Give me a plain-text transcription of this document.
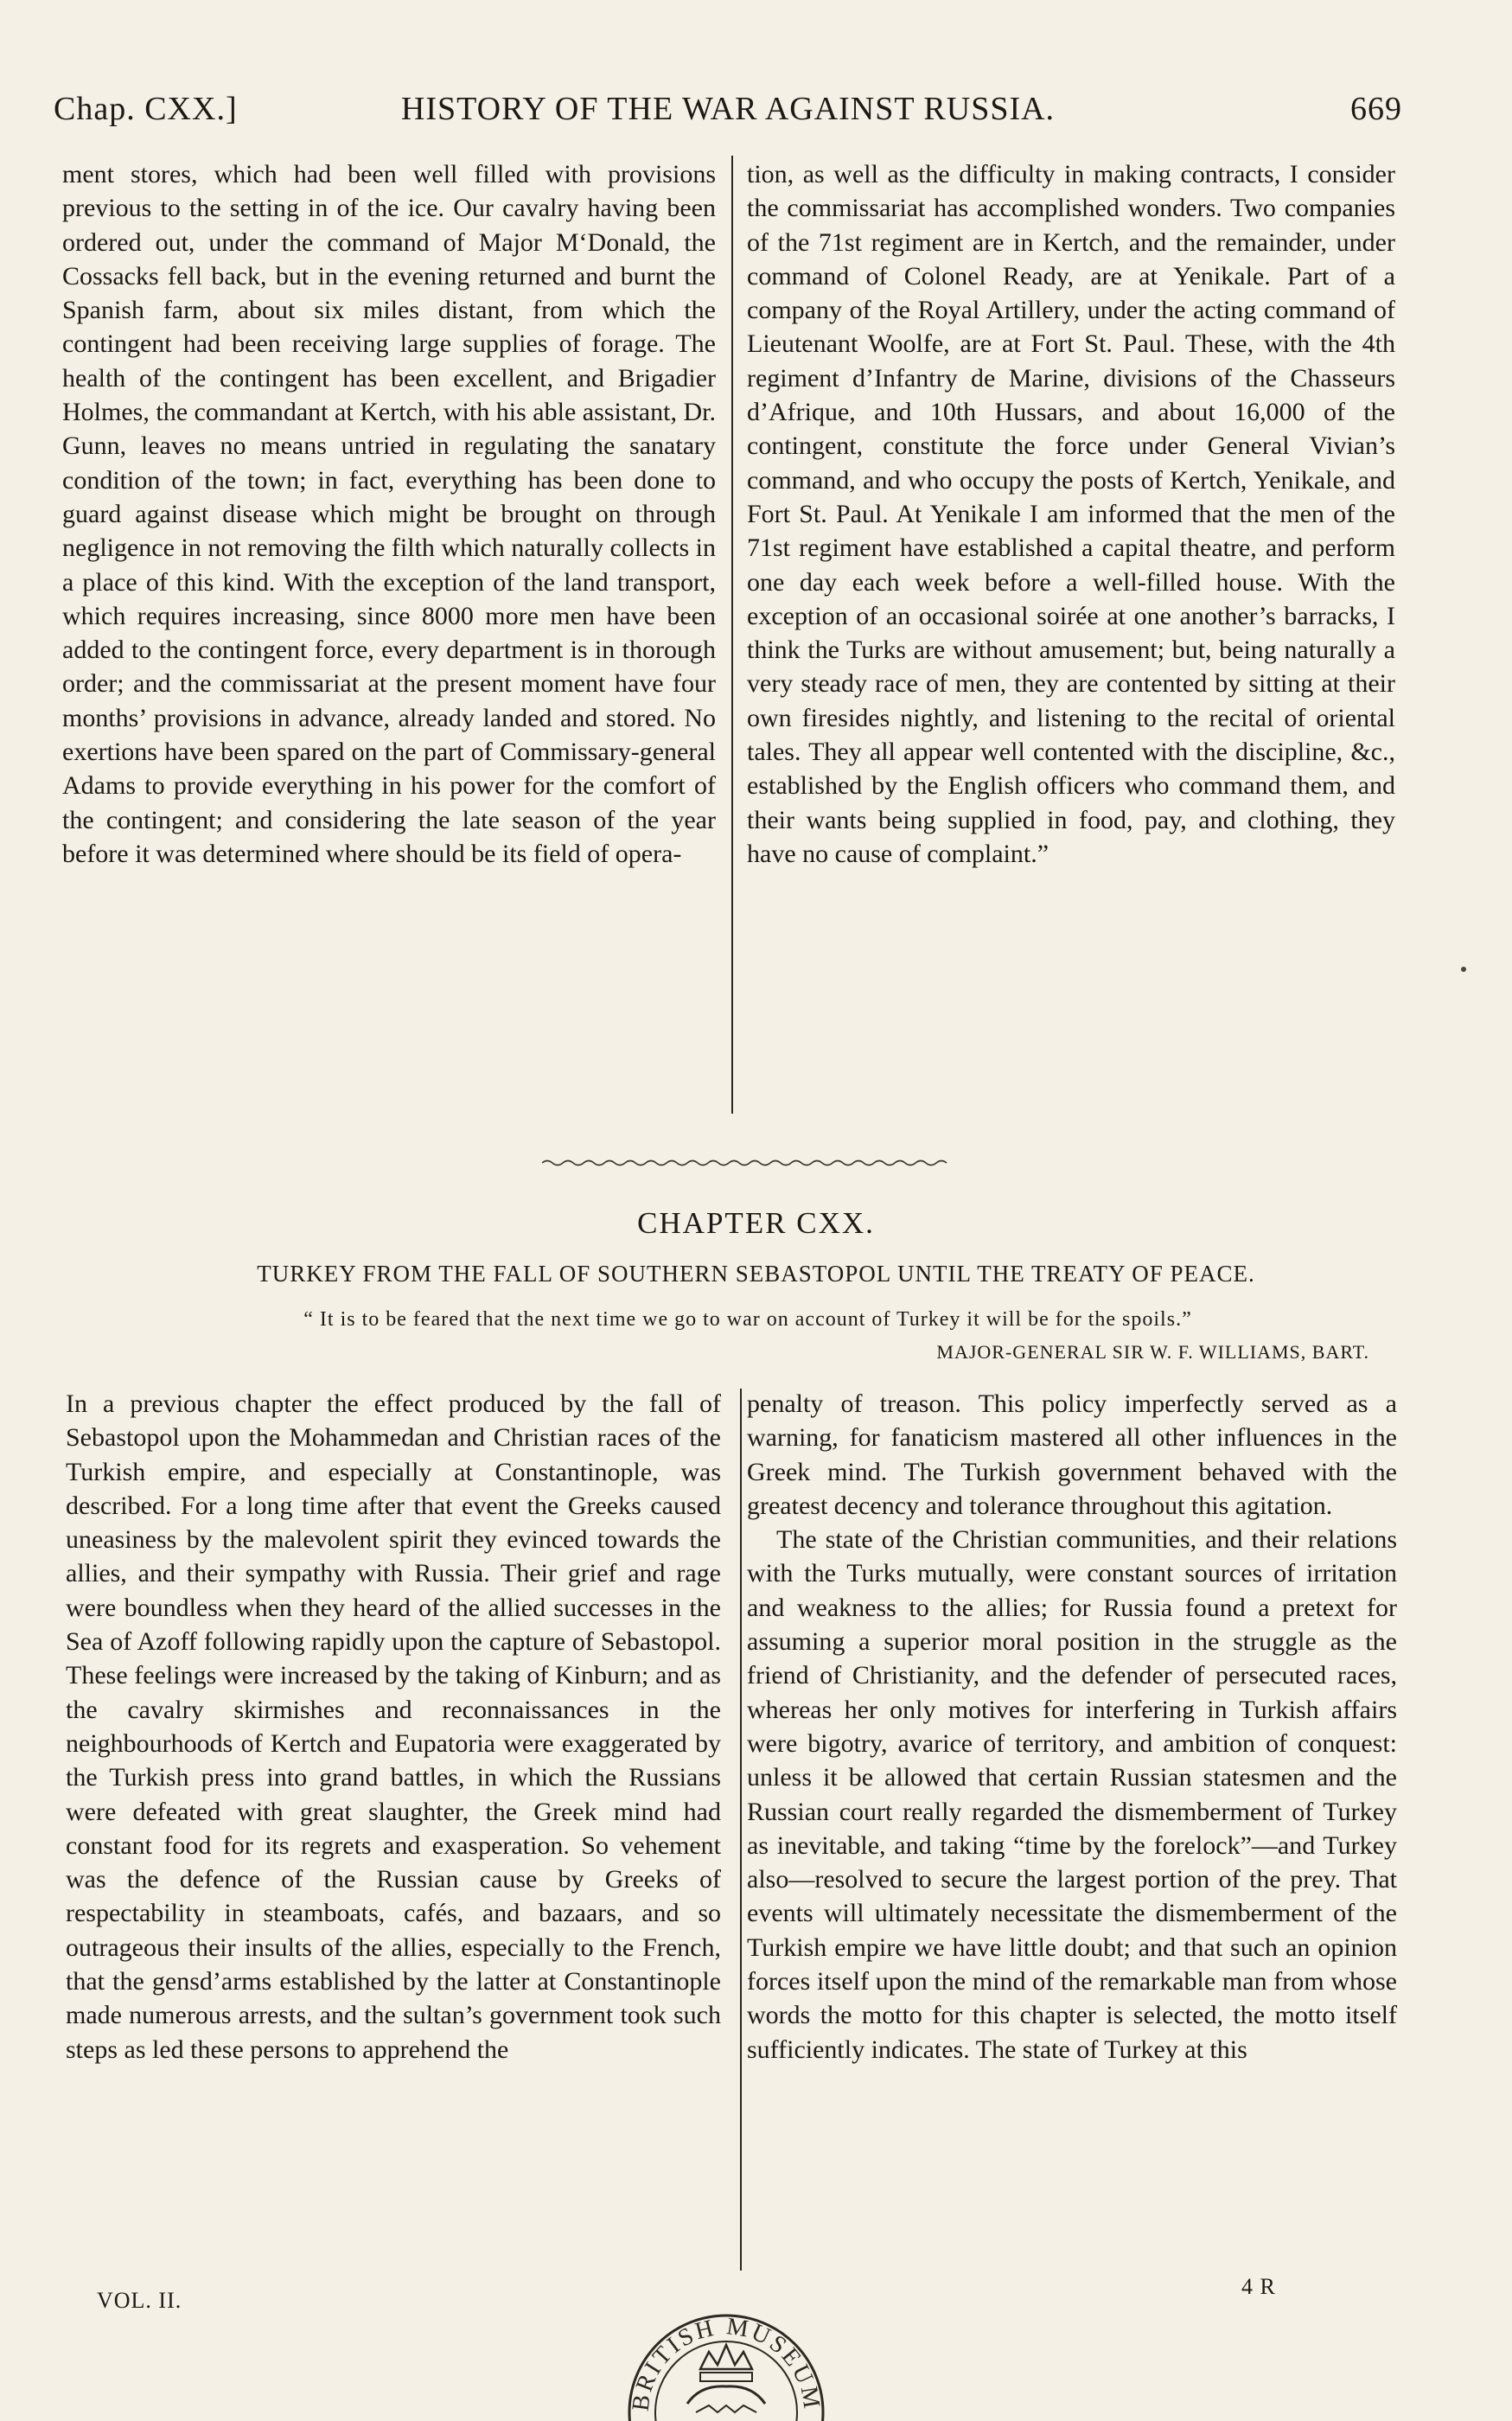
Chap. CXX.]	HISTORY OF THE WAR AGAINST RUSSIA.	669

ment stores, which had been well filled with provisions previous to the setting in of the ice. Our cavalry having been ordered out, under the command of Major M‘Donald, the Cossacks fell back, but in the evening returned and burnt the Spanish farm, about six miles distant, from which the contingent had been receiving large supplies of forage. The health of the contingent has been excellent, and Brigadier Holmes, the commandant at Kertch, with his able assistant, Dr. Gunn, leaves no means untried in regulating the sanatary condition of the town; in fact, everything has been done to guard against disease which might be brought on through negligence in not removing the filth which naturally collects in a place of this kind. With the exception of the land transport, which requires increasing, since 8000 more men have been added to the contingent force, every department is in thorough order; and the commissariat at the present moment have four months’ provisions in advance, already landed and stored. No exertions have been spared on the part of Commissary-general Adams to provide everything in his power for the comfort of the contingent; and considering the late season of the year before it was determined where should be its field of opera-

tion, as well as the difficulty in making contracts, I consider the commissariat has accomplished wonders. Two companies of the 71st regiment are in Kertch, and the remainder, under command of Colonel Ready, are at Yenikale. Part of a company of the Royal Artillery, under the acting command of Lieutenant Woolfe, are at Fort St. Paul. These, with the 4th regiment d’Infantry de Marine, divisions of the Chasseurs d’Afrique, and 10th Hussars, and about 16,000 of the contingent, constitute the force under General Vivian’s command, and who occupy the posts of Kertch, Yenikale, and Fort St. Paul. At Yenikale I am informed that the men of the 71st regiment have established a capital theatre, and perform one day each week before a well-filled house. With the exception of an occasional soirée at one another’s barracks, I think the Turks are without amusement; but, being naturally a very steady race of men, they are contented by sitting at their own firesides nightly, and listening to the recital of oriental tales. They all appear well contented with the discipline, &c., established by the English officers who command them, and their wants being supplied in food, pay, and clothing, they have no cause of complaint.”

CHAPTER CXX.
TURKEY FROM THE FALL OF SOUTHERN SEBASTOPOL UNTIL THE TREATY OF PEACE.
“ It is to be feared that the next time we go to war on account of Turkey it will be for the spoils.”
MAJOR-GENERAL SIR W. F. WILLIAMS, BART.

In a previous chapter the effect produced by the fall of Sebastopol upon the Mohammedan and Christian races of the Turkish empire, and especially at Constantinople, was described. For a long time after that event the Greeks caused uneasiness by the malevolent spirit they evinced towards the allies, and their sympathy with Russia. Their grief and rage were boundless when they heard of the allied successes in the Sea of Azoff following rapidly upon the capture of Sebastopol. These feelings were increased by the taking of Kinburn; and as the cavalry skirmishes and reconnaissances in the neighbourhoods of Kertch and Eupatoria were exaggerated by the Turkish press into grand battles, in which the Russians were defeated with great slaughter, the Greek mind had constant food for its regrets and exasperation. So vehement was the defence of the Russian cause by Greeks of respectability in steamboats, cafés, and bazaars, and so outrageous their insults of the allies, especially to the French, that the gensd’arms established by the latter at Constantinople made numerous arrests, and the sultan’s government took such steps as led these persons to apprehend the

penalty of treason. This policy imperfectly served as a warning, for fanaticism mastered all other influences in the Greek mind. The Turkish government behaved with the greatest decency and tolerance throughout this agitation.

The state of the Christian communities, and their relations with the Turks mutually, were constant sources of irritation and weakness to the allies; for Russia found a pretext for assuming a superior moral position in the struggle as the friend of Christianity, and the defender of persecuted races, whereas her only motives for interfering in Turkish affairs were bigotry, avarice of territory, and ambition of conquest: unless it be allowed that certain Russian statesmen and the Russian court really regarded the dismemberment of Turkey as inevitable, and taking “time by the forelock”—and Turkey also—resolved to secure the largest portion of the prey. That events will ultimately necessitate the dismemberment of the Turkish empire we have little doubt; and that such an opinion forces itself upon the mind of the remarkable man from whose words the motto for this chapter is selected, the motto itself sufficiently indicates. The state of Turkey at this

VOL. II.
4 R
BRITISH MUSEUM
